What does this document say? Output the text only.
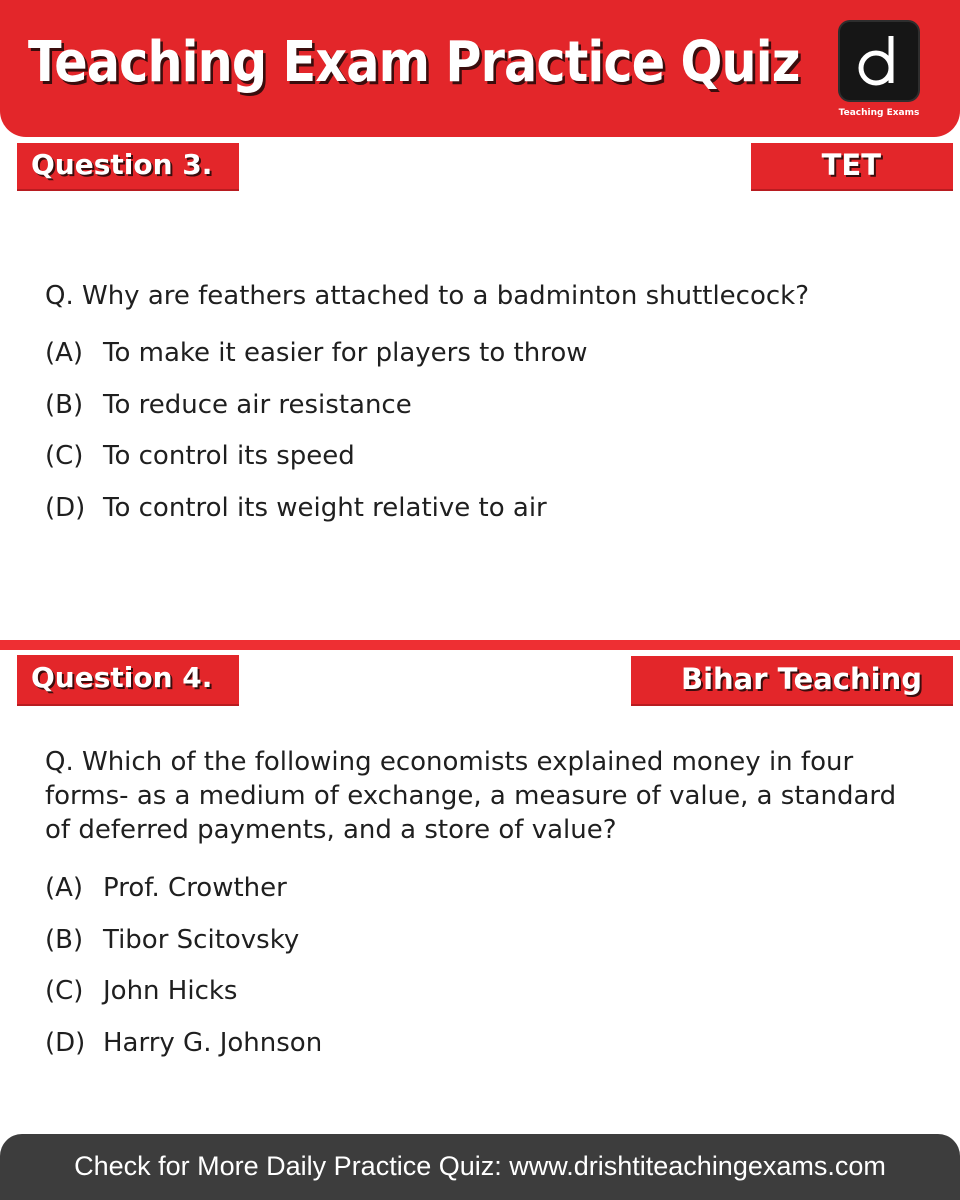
Teaching Exam Practice Quiz
Teaching Exams
Question 3.	TET
Q. Why are feathers attached to a badminton shuttlecock?
(A) To make it easier for players to throw
(B) To reduce air resistance
(C) To control its speed
(D) To control its weight relative to air
Question 4.	Bihar Teaching
Q. Which of the following economists explained money in four forms- as a medium of exchange, a measure of value, a standard of deferred payments, and a store of value?
(A) Prof. Crowther
(B) Tibor Scitovsky
(C) John Hicks
(D) Harry G. Johnson
Check for More Daily Practice Quiz: www.drishtiteachingexams.com
